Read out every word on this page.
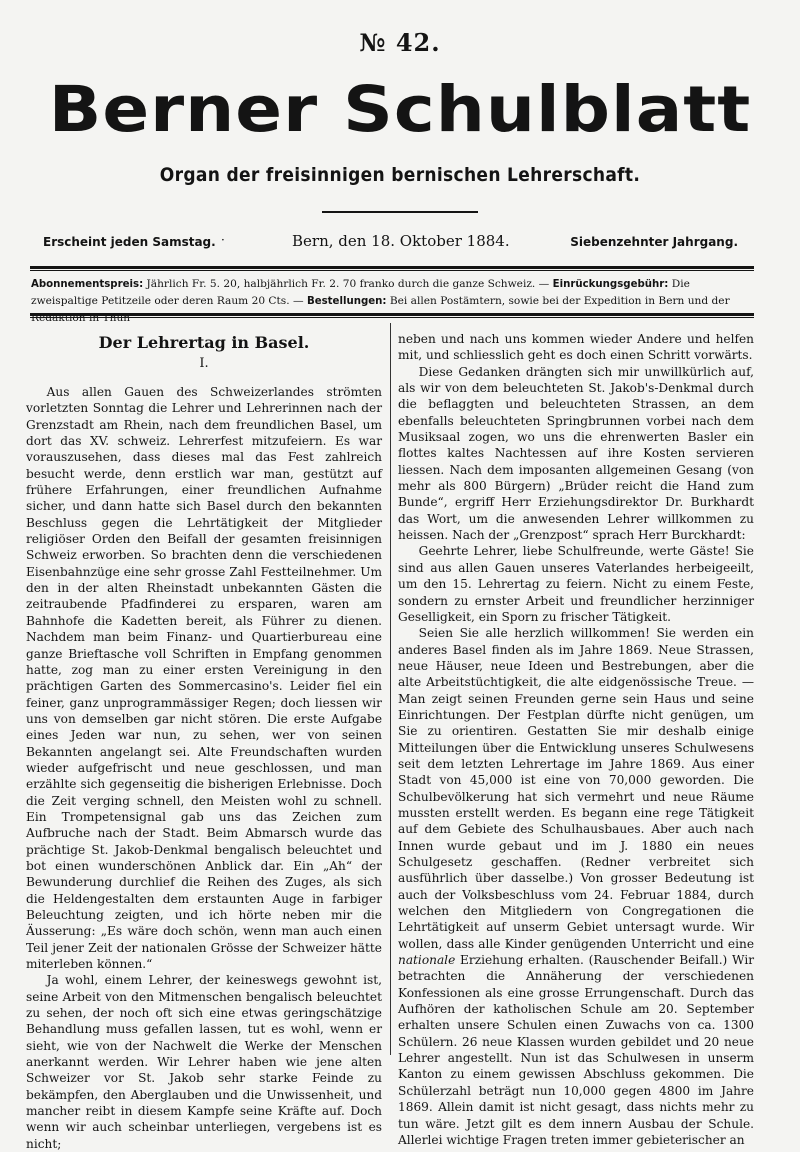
№ 42.
Berner Schulblatt
Organ der freisinnigen bernischen Lehrerschaft.
Erscheint jeden Samstag. ·	Bern, den 18. Oktober 1884.	Siebenzehnter Jahrgang.
Abonnementspreis: Jährlich Fr. 5. 20, halbjährlich Fr. 2. 70 franko durch die ganze Schweiz. — Einrückungsgebühr: Die zweispaltige Petitzeile oder deren Raum 20 Cts. — Bestellungen: Bei allen Postämtern, sowie bei der Expedition in Bern und der Redaktion in Thun
Der Lehrertag in Basel.
I.

Aus allen Gauen des Schweizerlandes strömten vorletzten Sonntag die Lehrer und Lehrerinnen nach der Grenzstadt am Rhein, nach dem freundlichen Basel, um dort das XV. schweiz. Lehrerfest mitzufeiern. Es war vorauszusehen, dass dieses mal das Fest zahlreich besucht werde, denn erstlich war man, gestützt auf frühere Erfahrungen, einer freundlichen Aufnahme sicher, und dann hatte sich Basel durch den bekannten Beschluss gegen die Lehrtätigkeit der Mitglieder religiöser Orden den Beifall der gesamten freisinnigen Schweiz erworben. So brachten denn die verschiedenen Eisenbahnzüge eine sehr grosse Zahl Festteilnehmer. Um den in der alten Rheinstadt unbekannten Gästen die zeitraubende Pfadfinderei zu ersparen, waren am Bahnhofe die Kadetten bereit, als Führer zu dienen. Nachdem man beim Finanz- und Quartierbureau eine ganze Brieftasche voll Schriften in Empfang genommen hatte, zog man zu einer ersten Vereinigung in den prächtigen Garten des Sommercasino's. Leider fiel ein feiner, ganz unprogrammässiger Regen; doch liessen wir uns von demselben gar nicht stören. Die erste Aufgabe eines Jeden war nun, zu sehen, wer von seinen Bekannten angelangt sei. Alte Freundschaften wurden wieder aufgefrischt und neue geschlossen, und man erzählte sich gegenseitig die bisherigen Erlebnisse. Doch die Zeit verging schnell, den Meisten wohl zu schnell. Ein Trompetensignal gab uns das Zeichen zum Aufbruche nach der Stadt. Beim Abmarsch wurde das prächtige St. Jakob-Denkmal bengalisch beleuchtet und bot einen wunderschönen Anblick dar. Ein „Ah“ der Bewunderung durchlief die Reihen des Zuges, als sich die Heldengestalten dem erstaunten Auge in farbiger Beleuchtung zeigten, und ich hörte neben mir die Äusserung: „Es wäre doch schön, wenn man auch einen Teil jener Zeit der nationalen Grösse der Schweizer hätte miterleben können.“

Ja wohl, einem Lehrer, der keineswegs gewohnt ist, seine Arbeit von den Mitmenschen bengalisch beleuchtet zu sehen, der noch oft sich eine etwas geringschätzige Behandlung muss gefallen lassen, tut es wohl, wenn er sieht, wie von der Nachwelt die Werke der Menschen anerkannt werden. Wir Lehrer haben wie jene alten Schweizer vor St. Jakob sehr starke Feinde zu bekämpfen, den Aberglauben und die Unwissenheit, und mancher reibt in diesem Kampfe seine Kräfte auf. Doch wenn wir auch scheinbar unterliegen, vergebens ist es nicht;

neben und nach uns kommen wieder Andere und helfen mit, und schliesslich geht es doch einen Schritt vorwärts.

Diese Gedanken drängten sich mir unwillkürlich auf, als wir von dem beleuchteten St. Jakob's-Denkmal durch die beflaggten und beleuchteten Strassen, an dem ebenfalls beleuchteten Springbrunnen vorbei nach dem Musiksaal zogen, wo uns die ehrenwerten Basler ein flottes kaltes Nachtessen auf ihre Kosten servieren liessen. Nach dem imposanten allgemeinen Gesang (von mehr als 800 Bürgern) „Brüder reicht die Hand zum Bunde“, ergriff Herr Erziehungsdirektor Dr. Burkhardt das Wort, um die anwesenden Lehrer willkommen zu heissen. Nach der „Grenzpost“ sprach Herr Burckhardt:

Geehrte Lehrer, liebe Schulfreunde, werte Gäste! Sie sind aus allen Gauen unseres Vaterlandes herbeigeeilt, um den 15. Lehrertag zu feiern. Nicht zu einem Feste, sondern zu ernster Arbeit und freundlicher herzinniger Geselligkeit, ein Sporn zu frischer Tätigkeit.

Seien Sie alle herzlich willkommen! Sie werden ein anderes Basel finden als im Jahre 1869. Neue Strassen, neue Häuser, neue Ideen und Bestrebungen, aber die alte Arbeitstüchtigkeit, die alte eidgenössische Treue. — Man zeigt seinen Freunden gerne sein Haus und seine Einrichtungen. Der Festplan dürfte nicht genügen, um Sie zu orientiren. Gestatten Sie mir deshalb einige Mitteilungen über die Entwicklung unseres Schulwesens seit dem letzten Lehrertage im Jahre 1869. Aus einer Stadt von 45,000 ist eine von 70,000 geworden. Die Schulbevölkerung hat sich vermehrt und neue Räume mussten erstellt werden. Es begann eine rege Tätigkeit auf dem Gebiete des Schulhausbaues. Aber auch nach Innen wurde gebaut und im J. 1880 ein neues Schulgesetz geschaffen. (Redner verbreitet sich ausführlich über dasselbe.) Von grosser Bedeutung ist auch der Volksbeschluss vom 24. Februar 1884, durch welchen den Mitgliedern von Congregationen die Lehrtätigkeit auf unserm Gebiet untersagt wurde. Wir wollen, dass alle Kinder genügenden Unterricht und eine nationale Erziehung erhalten. (Rauschender Beifall.) Wir betrachten die Annäherung der verschiedenen Konfessionen als eine grosse Errungenschaft. Durch das Aufhören der katholischen Schule am 20. September erhalten unsere Schulen einen Zuwachs von ca. 1300 Schülern. 26 neue Klassen wurden gebildet und 20 neue Lehrer angestellt. Nun ist das Schulwesen in unserm Kanton zu einem gewissen Abschluss gekommen. Die Schülerzahl beträgt nun 10,000 gegen 4800 im Jahre 1869. Allein damit ist nicht gesagt, dass nichts mehr zu tun wäre. Jetzt gilt es dem innern Ausbau der Schule. Allerlei wichtige Fragen treten immer gebieterischer an
